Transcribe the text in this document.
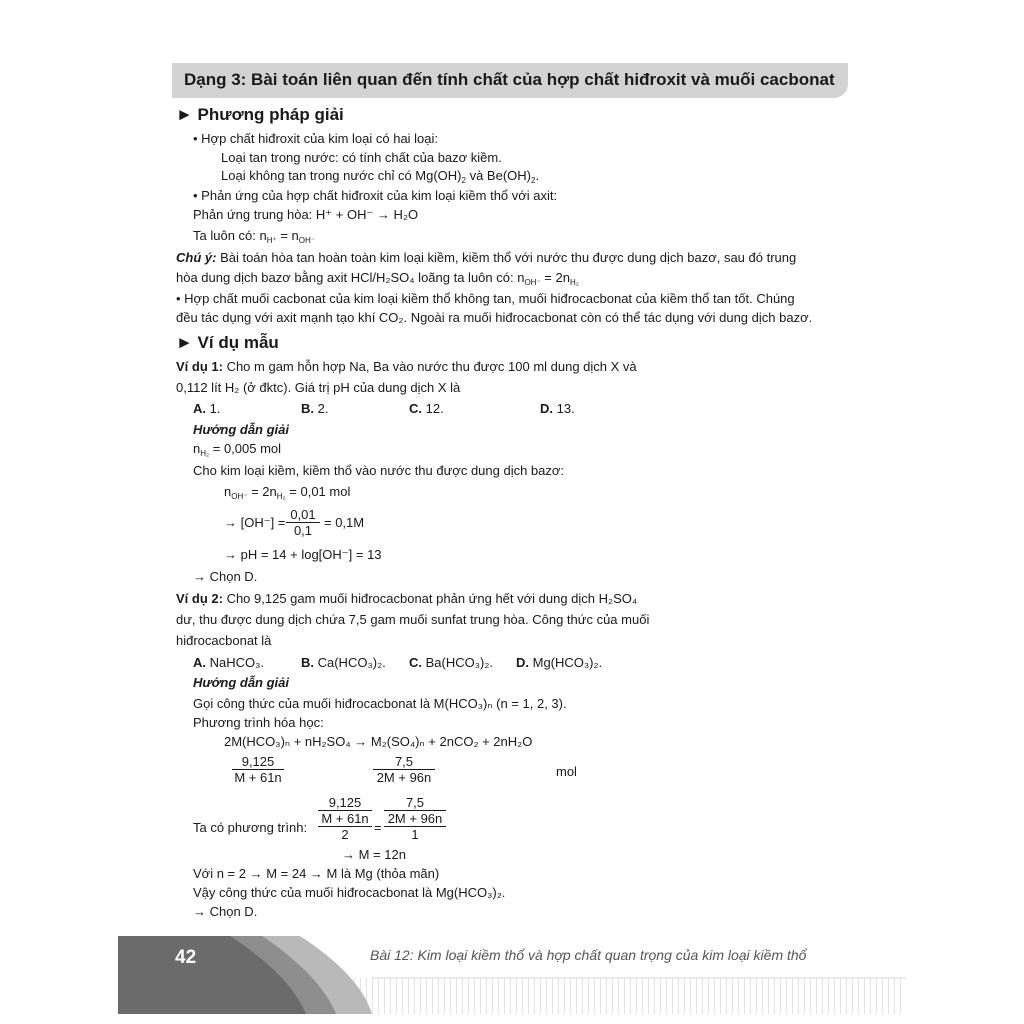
Dạng 3: Bài toán liên quan đến tính chất của hợp chất hiđroxit và muối cacbonat
► Phương pháp giải
• Hợp chất hiđroxit của kim loại có hai loại:
Loại tan trong nước: có tính chất của bazơ kiềm.
Loại không tan trong nước chỉ có $Mg(OH)_2$ và $Be(OH)_2$.
• Phản ứng của hợp chất hiđroxit của kim loại kiềm thổ với axit:
Phản ứng trung hòa: H⁺ + OH⁻ → H₂O
Ta luôn có: $n_{H^+} = n_{OH^-}$
Chú ý: Bài toán hòa tan hoàn toàn kim loại kiềm, kiềm thổ với nước thu được dung dịch bazơ, sau đó trung
hòa dung dịch bazơ bằng axit HCl/H₂SO₄ loãng ta luôn có: $n_{OH^-} = 2n_{H_2}$
• Hợp chất muối cacbonat của kim loại kiềm thổ không tan, muối hiđrocacbonat của kiềm thổ tan tốt. Chúng
đều tác dụng với axit mạnh tạo khí CO₂. Ngoài ra muối hiđrocacbonat còn có thể tác dụng với dung dịch bazơ.
► Ví dụ mẫu
Ví dụ 1: Cho m gam hỗn hợp Na, Ba vào nước thu được 100 ml dung dịch X và
0,112 lít H₂ (ở đktc). Giá trị pH của dung dịch X là
A. 1.	B. 2.	C. 12.	D. 13.
Hướng dẫn giải
$n_{H_2} = 0,005$ mol
Cho kim loại kiềm, kiềm thổ vào nước thu được dung dịch bazơ:
$n_{OH^-} = 2n_{H_2} = 0,01$ mol
→ $[OH^-] = \frac{0,01}{0,1} = 0,1M$
→ pH = 14 + log[OH⁻] = 13
→ Chọn D.
Ví dụ 2: Cho 9,125 gam muối hiđrocacbonat phản ứng hết với dung dịch H₂SO₄
dư, thu được dung dịch chứa 7,5 gam muối sunfat trung hòa. Công thức của muối
hiđrocacbonat là
A. NaHCO₃.	B. Ca(HCO₃)₂. C. Ba(HCO₃)₂. D. Mg(HCO₃)₂.
Hướng dẫn giải
Gọi công thức của muối hiđrocacbonat là M(HCO₃)ₙ (n = 1, 2, 3).
Phương trình hóa học:
2M(HCO₃)ₙ + nH₂SO₄ → M₂(SO₄)ₙ + 2nCO₂ + 2nH₂O
$\frac{9,125}{M + 61n}$	$\frac{7,5}{2M + 96n}$	mol
Ta có phương trình:
9,125
M + 61n
2	=
7,5
2M + 96n
1
→ M = 12n
Với n = 2 → M = 24 → M là Mg (thỏa mãn)
Vậy công thức của muối hiđrocacbonat là Mg(HCO₃)₂.
→ Chọn D.
42	Bài 12: Kim loại kiềm thổ và hợp chất quan trọng của kim loại kiềm thổ
